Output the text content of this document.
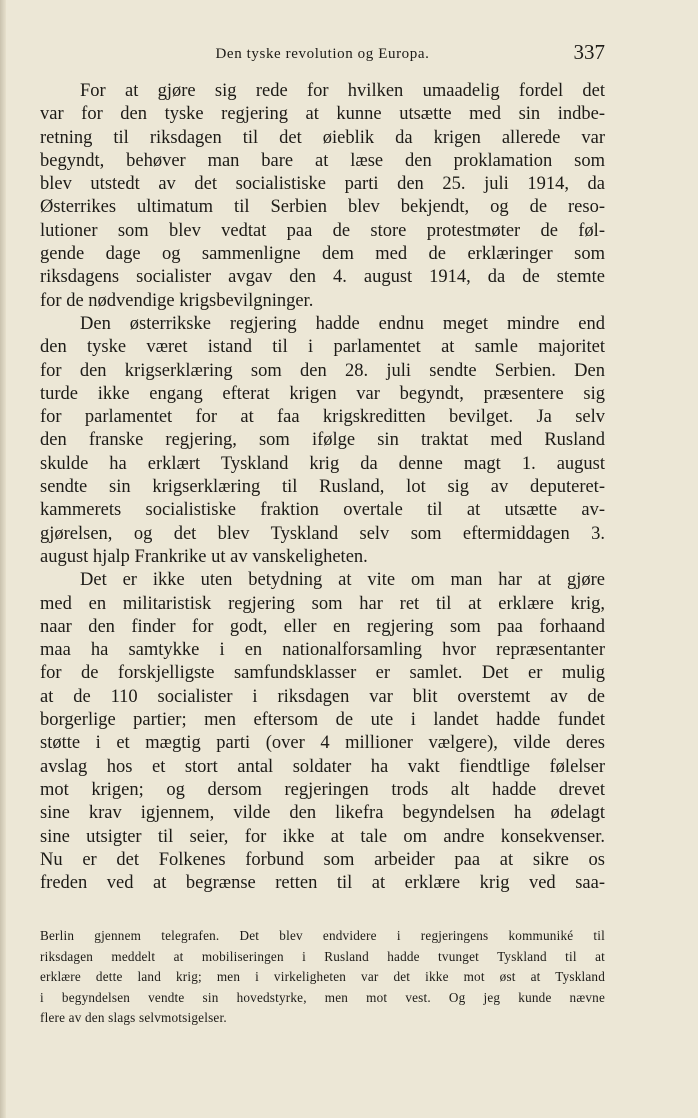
Den tyske revolution og Europa.	337
For at gjøre sig rede for hvilken umaadelig fordel det
var for den tyske regjering at kunne utsætte med sin indbe-
retning til riksdagen til det øieblik da krigen allerede var
begyndt, behøver man bare at læse den proklamation som
blev utstedt av det socialistiske parti den 25. juli 1914, da
Østerrikes ultimatum til Serbien blev bekjendt, og de reso-
lutioner som blev vedtat paa de store protestmøter de føl-
gende dage og sammenligne dem med de erklæringer som
riksdagens socialister avgav den 4. august 1914, da de stemte
for de nødvendige krigsbevilgninger.
Den østerrikske regjering hadde endnu meget mindre end
den tyske været istand til i parlamentet at samle majoritet
for den krigserklæring som den 28. juli sendte Serbien. Den
turde ikke engang efterat krigen var begyndt, præsentere sig
for parlamentet for at faa krigskreditten bevilget. Ja selv
den franske regjering, som ifølge sin traktat med Rusland
skulde ha erklært Tyskland krig da denne magt 1. august
sendte sin krigserklæring til Rusland, lot sig av deputeret-
kammerets socialistiske fraktion overtale til at utsætte av-
gjørelsen, og det blev Tyskland selv som eftermiddagen 3.
august hjalp Frankrike ut av vanskeligheten.
Det er ikke uten betydning at vite om man har at gjøre
med en militaristisk regjering som har ret til at erklære krig,
naar den finder for godt, eller en regjering som paa forhaand
maa ha samtykke i en nationalforsamling hvor repræsentanter
for de forskjelligste samfundsklasser er samlet. Det er mulig
at de 110 socialister i riksdagen var blit overstemt av de
borgerlige partier; men eftersom de ute i landet hadde fundet
støtte i et mægtig parti (over 4 millioner vælgere), vilde deres
avslag hos et stort antal soldater ha vakt fiendtlige følelser
mot krigen; og dersom regjeringen trods alt hadde drevet
sine krav igjennem, vilde den likefra begyndelsen ha ødelagt
sine utsigter til seier, for ikke at tale om andre konsekvenser.
Nu er det Folkenes forbund som arbeider paa at sikre os
freden ved at begrænse retten til at erklære krig ved saa-
Berlin gjennem telegrafen. Det blev endvidere i regjeringens kommuniké til
riksdagen meddelt at mobiliseringen i Rusland hadde tvunget Tyskland til at
erklære dette land krig; men i virkeligheten var det ikke mot øst at Tyskland
i begyndelsen vendte sin hovedstyrke, men mot vest. Og jeg kunde nævne
flere av den slags selvmotsigelser.
